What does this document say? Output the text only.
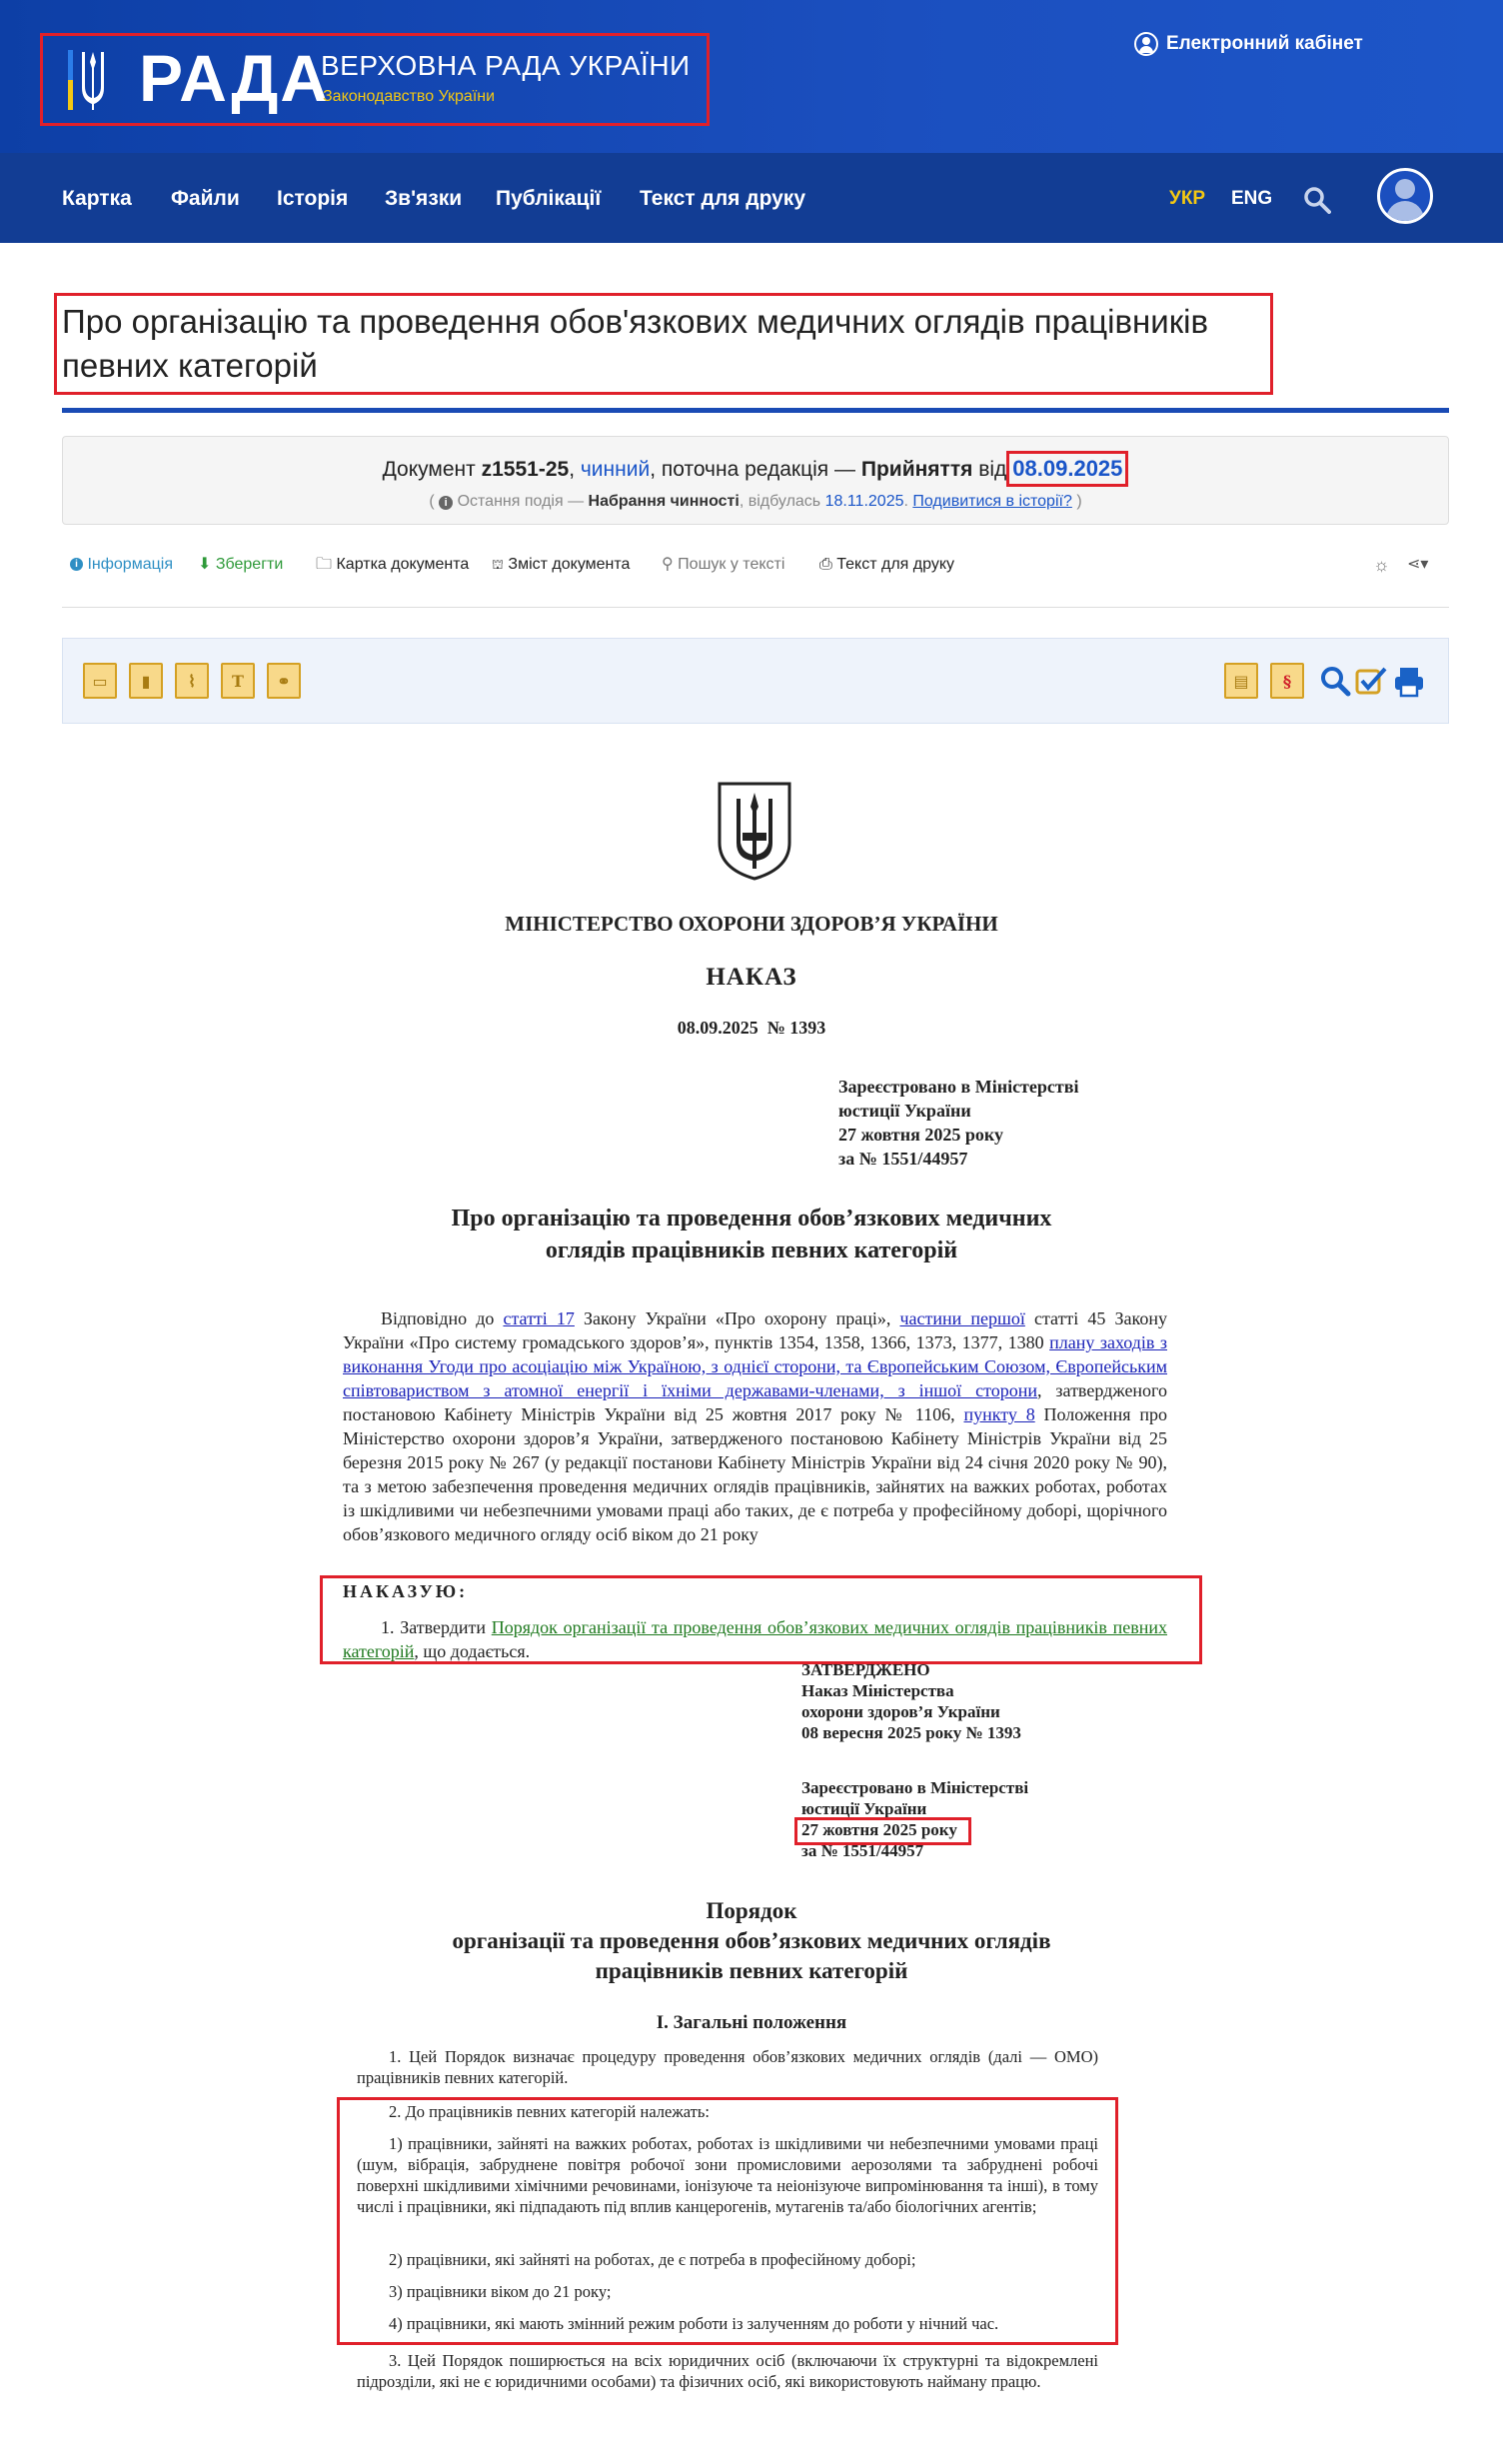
РАДА
ВЕРХОВНА РАДА УКРАЇНИ
Законодавство України
Електронний кабінет
Картка Файли Історія Зв'язки Публікації Текст для друку	УКР ENG
Про організацію та проведення обов'язкових медичних оглядів працівників певних категорій
Документ z1551-25, чинний, поточна редакція — Прийняття від 08.09.2025
( i Остання подія — Набрання чинності, відбулась 18.11.2025. Подивитися в історії? )
i Інформація ⬇ Зберегти 🗀 Картка документа ⛫ Зміст документа ⚲ Пошук у тексті ⎙ Текст для друку	☼ ⋖▾
▭	▮	⌇	T	⚭	▤	§
МІНІСТЕРСТВО ОХОРОНИ ЗДОРОВ’Я УКРАЇНИ
НАКАЗ
08.09.2025  № 1393
Зареєстровано в Міністерстві
юстиції України
27 жовтня 2025 року
за № 1551/44957
Про організацію та проведення обов’язкових медичних
оглядів працівників певних категорій
Відповідно до статті 17 Закону України «Про охорону праці», частини першої статті 45 Закону України «Про систему громадського здоров’я», пунктів 1354, 1358, 1366, 1373, 1377, 1380 плану заходів з виконання Угоди про асоціацію між Україною, з однієї сторони, та Європейським Союзом, Європейським співтовариством з атомної енергії і їхніми державами-членами, з іншої сторони, затвердженого постановою Кабінету Міністрів України від 25 жовтня 2017 року № 1106, пункту 8 Положення про Міністерство охорони здоров’я України, затвердженого постановою Кабінету Міністрів України від 25 березня 2015 року № 267 (у редакції постанови Кабінету Міністрів України від 24 січня 2020 року № 90), та з метою забезпечення проведення медичних оглядів працівників, зайнятих на важких роботах, роботах із шкідливими чи небезпечними умовами праці або таких, де є потреба у професійному доборі, щорічного обов’язкового медичного огляду осіб віком до 21 року
НАКАЗУЮ:
1. Затвердити Порядок організації та проведення обов’язкових медичних оглядів працівників певних категорій, що додається.
ЗАТВЕРДЖЕНО
Наказ Міністерства
охорони здоров’я України
08 вересня 2025 року № 1393
Зареєстровано в Міністерстві
юстиції України
27 жовтня 2025 року
за № 1551/44957
Порядок
організації та проведення обов’язкових медичних оглядів
працівників певних категорій
I. Загальні положення
1. Цей Порядок визначає процедуру проведення обов’язкових медичних оглядів (далі — ОМО) працівників певних категорій.
2. До працівників певних категорій належать:
1) працівники, зайняті на важких роботах, роботах із шкідливими чи небезпечними умовами праці (шум, вібрація, забруднене повітря робочої зони промисловими аерозолями та забруднені робочі поверхні шкідливими хімічними речовинами, іонізуюче та неіонізуюче випромінювання та інші), в тому числі і працівники, які підпадають під вплив канцерогенів, мутагенів та/або біологічних агентів;
2) працівники, які зайняті на роботах, де є потреба в професійному доборі;
3) працівники віком до 21 року;
4) працівники, які мають змінний режим роботи із залученням до роботи у нічний час.
3. Цей Порядок поширюється на всіх юридичних осіб (включаючи їх структурні та відокремлені підрозділи, які не є юридичними особами) та фізичних осіб, які використовують найману працю.
